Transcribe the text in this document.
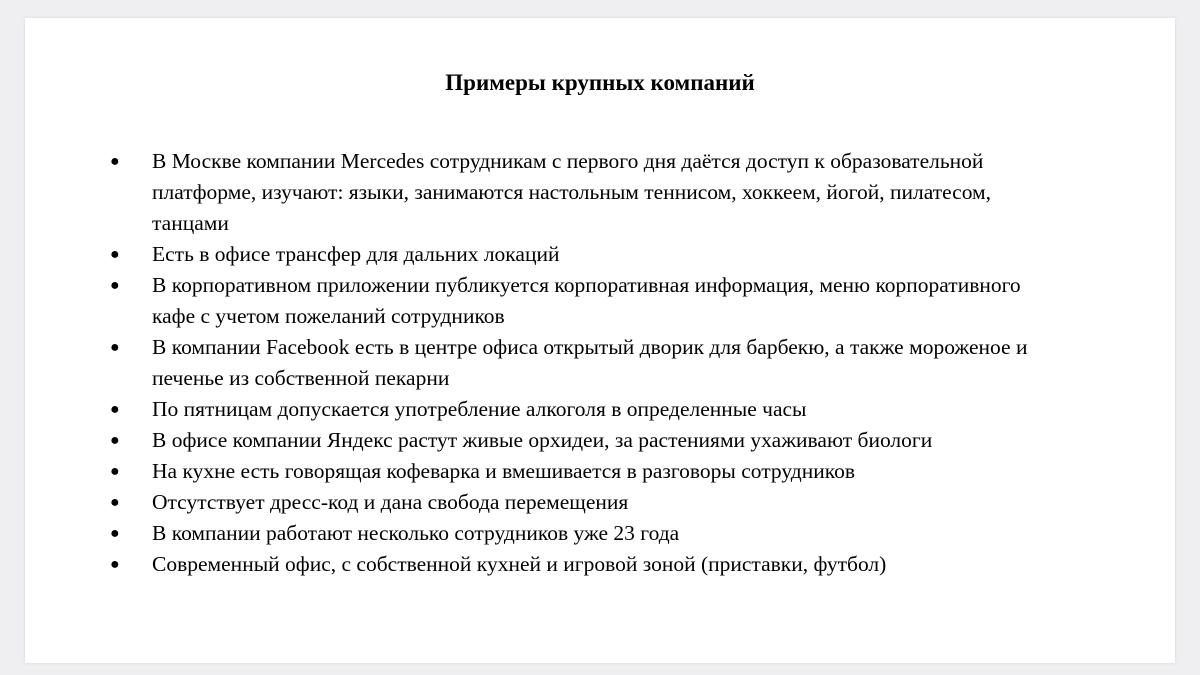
Примеры крупных компаний
● В Москве компании Mercedes сотрудникам с первого дня даётся доступ к образовательной платформе, изучают: языки, занимаются настольным теннисом, хоккеем, йогой, пилатесом, танцами
● Есть в офисе трансфер для дальних локаций
● В корпоративном приложении публикуется корпоративная информация, меню корпоративного кафе с учетом пожеланий сотрудников
● В компании Facebook есть в центре офиса открытый дворик для барбекю, а также мороженое и печенье из собственной пекарни
● По пятницам допускается употребление алкоголя в определенные часы
● В офисе компании Яндекс растут живые орхидеи, за растениями ухаживают биологи
● На кухне есть говорящая кофеварка и вмешивается в разговоры сотрудников
● Отсутствует дресс-код и дана свобода перемещения
● В компании работают несколько сотрудников уже 23 года
● Современный офис, с собственной кухней и игровой зоной (приставки, футбол)
